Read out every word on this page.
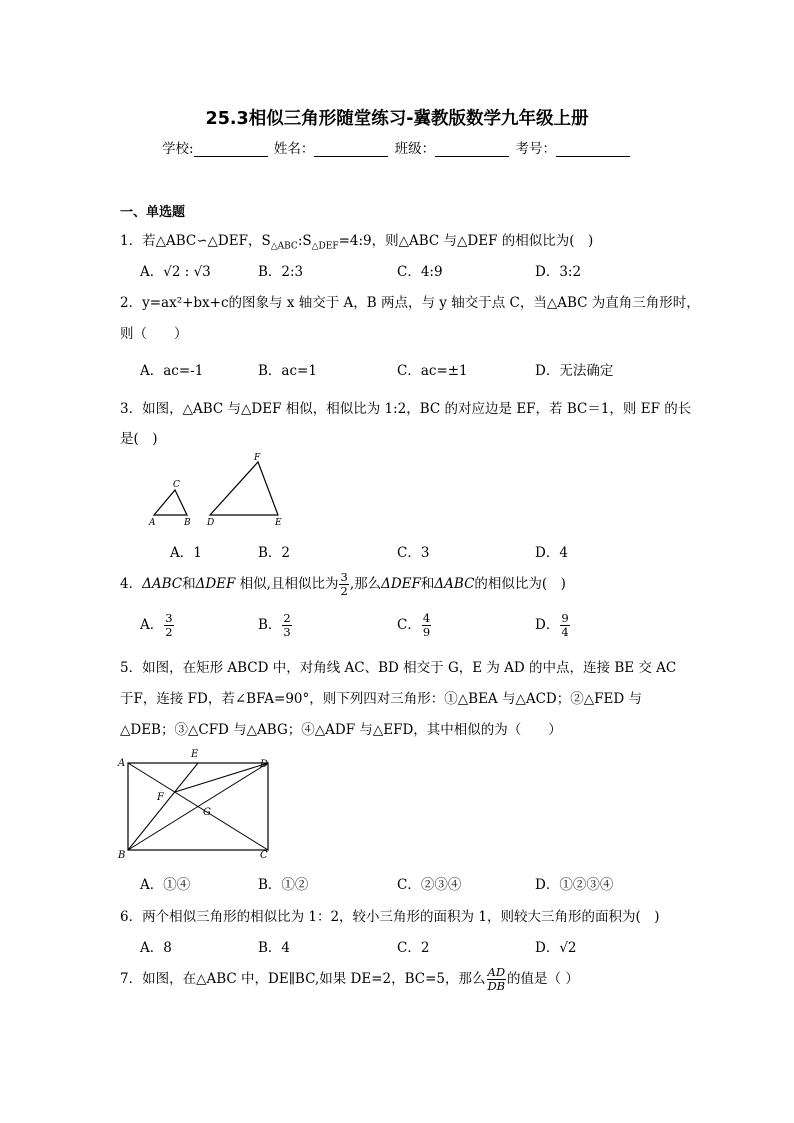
25.3相似三角形随堂练习-冀教版数学九年级上册
学校:	姓名：	班级：	考号：
一、单选题
1．若△ABC∽△DEF，$S_{\triangle ABC}:S_{\triangle DEF}=4:9$，则△ABC 与△DEF 的相似比为(　)
A．√2 : √3	B．2:3	C．4:9	D．3:2
2．y=ax²+bx+c的图象与 x 轴交于 A，B 两点，与 y 轴交于点 C，当△ABC 为直角三角形时，
则（　　）
A．ac=-1	B．ac=1	C．ac=±1	D．无法确定
3．如图，△ABC 与△DEF 相似，相似比为 1:2，BC 的对应边是 EF，若 BC＝1，则 EF 的长
是(　)
A	B
C
D	E
F
A．1	B．2	C．3	D．4
4．ΔABC和ΔDEF 相似,且相似比为 $\frac{3}{2}$ ,那么ΔDEF和ΔABC的相似比为(　)
A． $\frac{3}{2}$	B． $\frac{2}{3}$	C． $\frac{4}{9}$	D． $\frac{9}{4}$
5．如图，在矩形 ABCD 中，对角线 AC、BD 相交于 G，E 为 AD 的中点，连接 BE 交 AC
于F，连接 FD，若∠BFA=90°，则下列四对三角形：①△BEA 与△ACD；②△FED 与
△DEB；③△CFD 与△ABG；④△ADF 与△EFD，其中相似的为（　　）
A
E
D
F
G
B	C
A．①④	B．①②	C．②③④	D．①②③④
6．两个相似三角形的相似比为 1：2，较小三角形的面积为 1，则较大三角形的面积为(　)
A．8	B．4	C．2	D．√2
7．如图，在△ABC 中，DE∥BC,如果 DE=2，BC=5，那么 $\frac{AD}{DB}$ 的值是（ ）
